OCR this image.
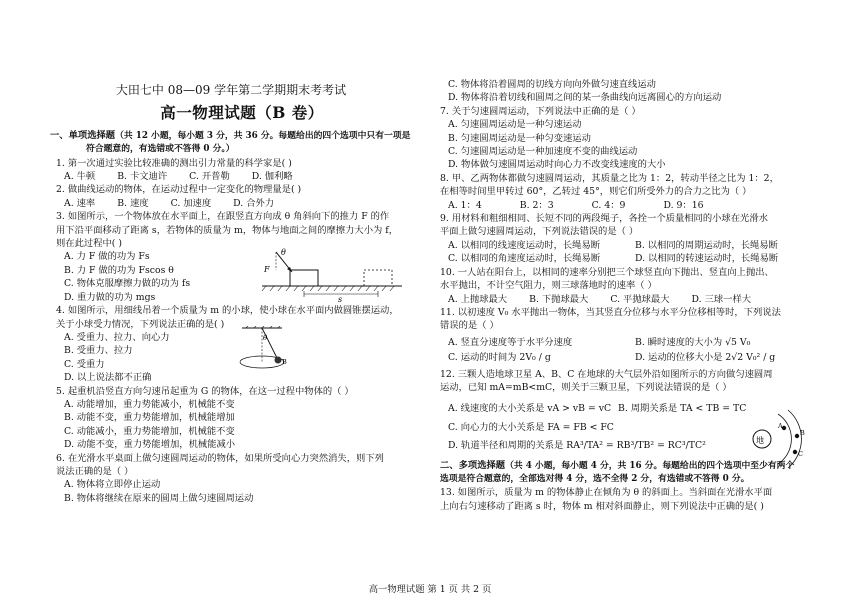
大田七中 08—09 学年第二学期期末考考试
高一物理试题（B 卷）
一、单项选择题（共 12 小题，每小题 3 分，共 36 分。每题给出的四个选项中只有一项是
符合题意的，有选错或不答得 0 分。）
1. 第一次通过实验比较准确的测出引力常量的科学家是( )
A. 牛顿 B. 卡文迪许 C. 开普勒 D. 伽利略
2. 做曲线运动的物体，在运动过程中一定变化的物理量是( )
A. 速率 B. 速度 C. 加速度 D. 合外力
3. 如图所示，一个物体放在水平面上，在跟竖直方向成 θ 角斜向下的推力 F 的作
用下沿平面移动了距离 s，若物体的质量为 m，物体与地面之间的摩擦力大小为 f，
则在此过程中( )
A. 力 F 做的功为 Fs
B. 力 F 做的功为 Fscos θ
C. 物体克服摩擦力做的功为 fs
D. 重力做的功为 mgs
θ
F
s
4. 如图所示，用细线吊着一个质量为 m 的小球，使小球在水平面内做圆锥摆运动，
关于小球受力情况，下列说法正确的是( )
A. 受重力、拉力、向心力
B. 受重力、拉力
C. 受重力
D. 以上说法都不正确
θ
B
5. 起重机沿竖直方向匀速吊起重为 G 的物体，在这一过程中物体的（ ）
A. 动能增加，重力势能减小，机械能不变
B. 动能不变，重力势能增加，机械能增加
C. 动能减小，重力势能增加，机械能不变
D. 动能不变，重力势能增加，机械能减小
6. 在光滑水平桌面上做匀速圆周运动的物体，如果所受向心力突然消失，则下列
说法正确的是（ ）
A. 物体将立即停止运动
B. 物体将继续在原来的圆周上做匀速圆周运动
C. 物体将沿着圆周的切线方向向外做匀速直线运动
D. 物体将沿着切线和圆周之间的某一条曲线向远离圆心的方向运动
7. 关于匀速圆周运动，下列说法中正确的是（ ）
A. 匀速圆周运动是一种匀速运动
B. 匀速圆周运动是一种匀变速运动
C. 匀速圆周运动是一种加速度不变的曲线运动
D. 物体做匀速圆周运动时向心力不改变线速度的大小
8. 甲、乙两物体都做匀速圆周运动，其质量之比为 1：2，转动半径之比为 1：2，
在相等时间里甲转过 60°，乙转过 45°，则它们所受外力的合力之比为（ ）
A. 1：4	B. 2：3	C. 4：9	D. 9：16
9. 用材料和粗细相同、长短不同的两段绳子，各拴一个质量相同的小球在光滑水
平面上做匀速圆周运动，下列说法错误的是（ ）
A. 以相同的线速度运动时，长绳易断	B. 以相同的周期运动时，长绳易断
C. 以相同的角速度运动时，长绳易断	D. 以相同的转速运动时，长绳易断
10. 一人站在阳台上，以相同的速率分别把三个球竖直向下抛出、竖直向上抛出、
水平抛出，不计空气阻力，则三球落地时的速率（ ）
A. 上抛球最大 B. 下抛球最大 C. 平抛球最大 D. 三球一样大
11. 以初速度 V₀ 水平抛出一物体，当其竖直分位移与水平分位移相等时，下列说法
错误的是（ ）
A. 竖直分速度等于水平分速度	B. 瞬时速度的大小为 √5 V₀
C. 运动的时间为 2V₀ / g	D. 运动的位移大小是 2√2 V₀² / g
12. 三颗人造地球卫星 A、B、C 在地球的大气层外沿如图所示的方向做匀速圆周
运动，已知 mA=mB<mC，则关于三颗卫星，下列说法错误的是（ ）
A. 线速度的大小关系是 vA > vB = vC B. 周期关系是 TA < TB = TC
C. 向心力的大小关系是 FA = FB < FC
D. 轨道半径和周期的关系是 RA³/TA² = RB³/TB² = RC³/TC²	地
A
B
C
二、多项选择题（共 4 小题，每小题 4 分，共 16 分。每题给出的四个选项中至少有两个
选项是符合题意的，全部选对得 4 分，选不全得 2 分，有选错或不答得 0 分。
13. 如图所示，质量为 m 的物体静止在倾角为 θ 的斜面上。当斜面在光滑水平面
上向右匀速移动了距离 s 时，物体 m 相对斜面静止，则下列说法中正确的是( )
高一物理试题 第 1 页 共 2 页
